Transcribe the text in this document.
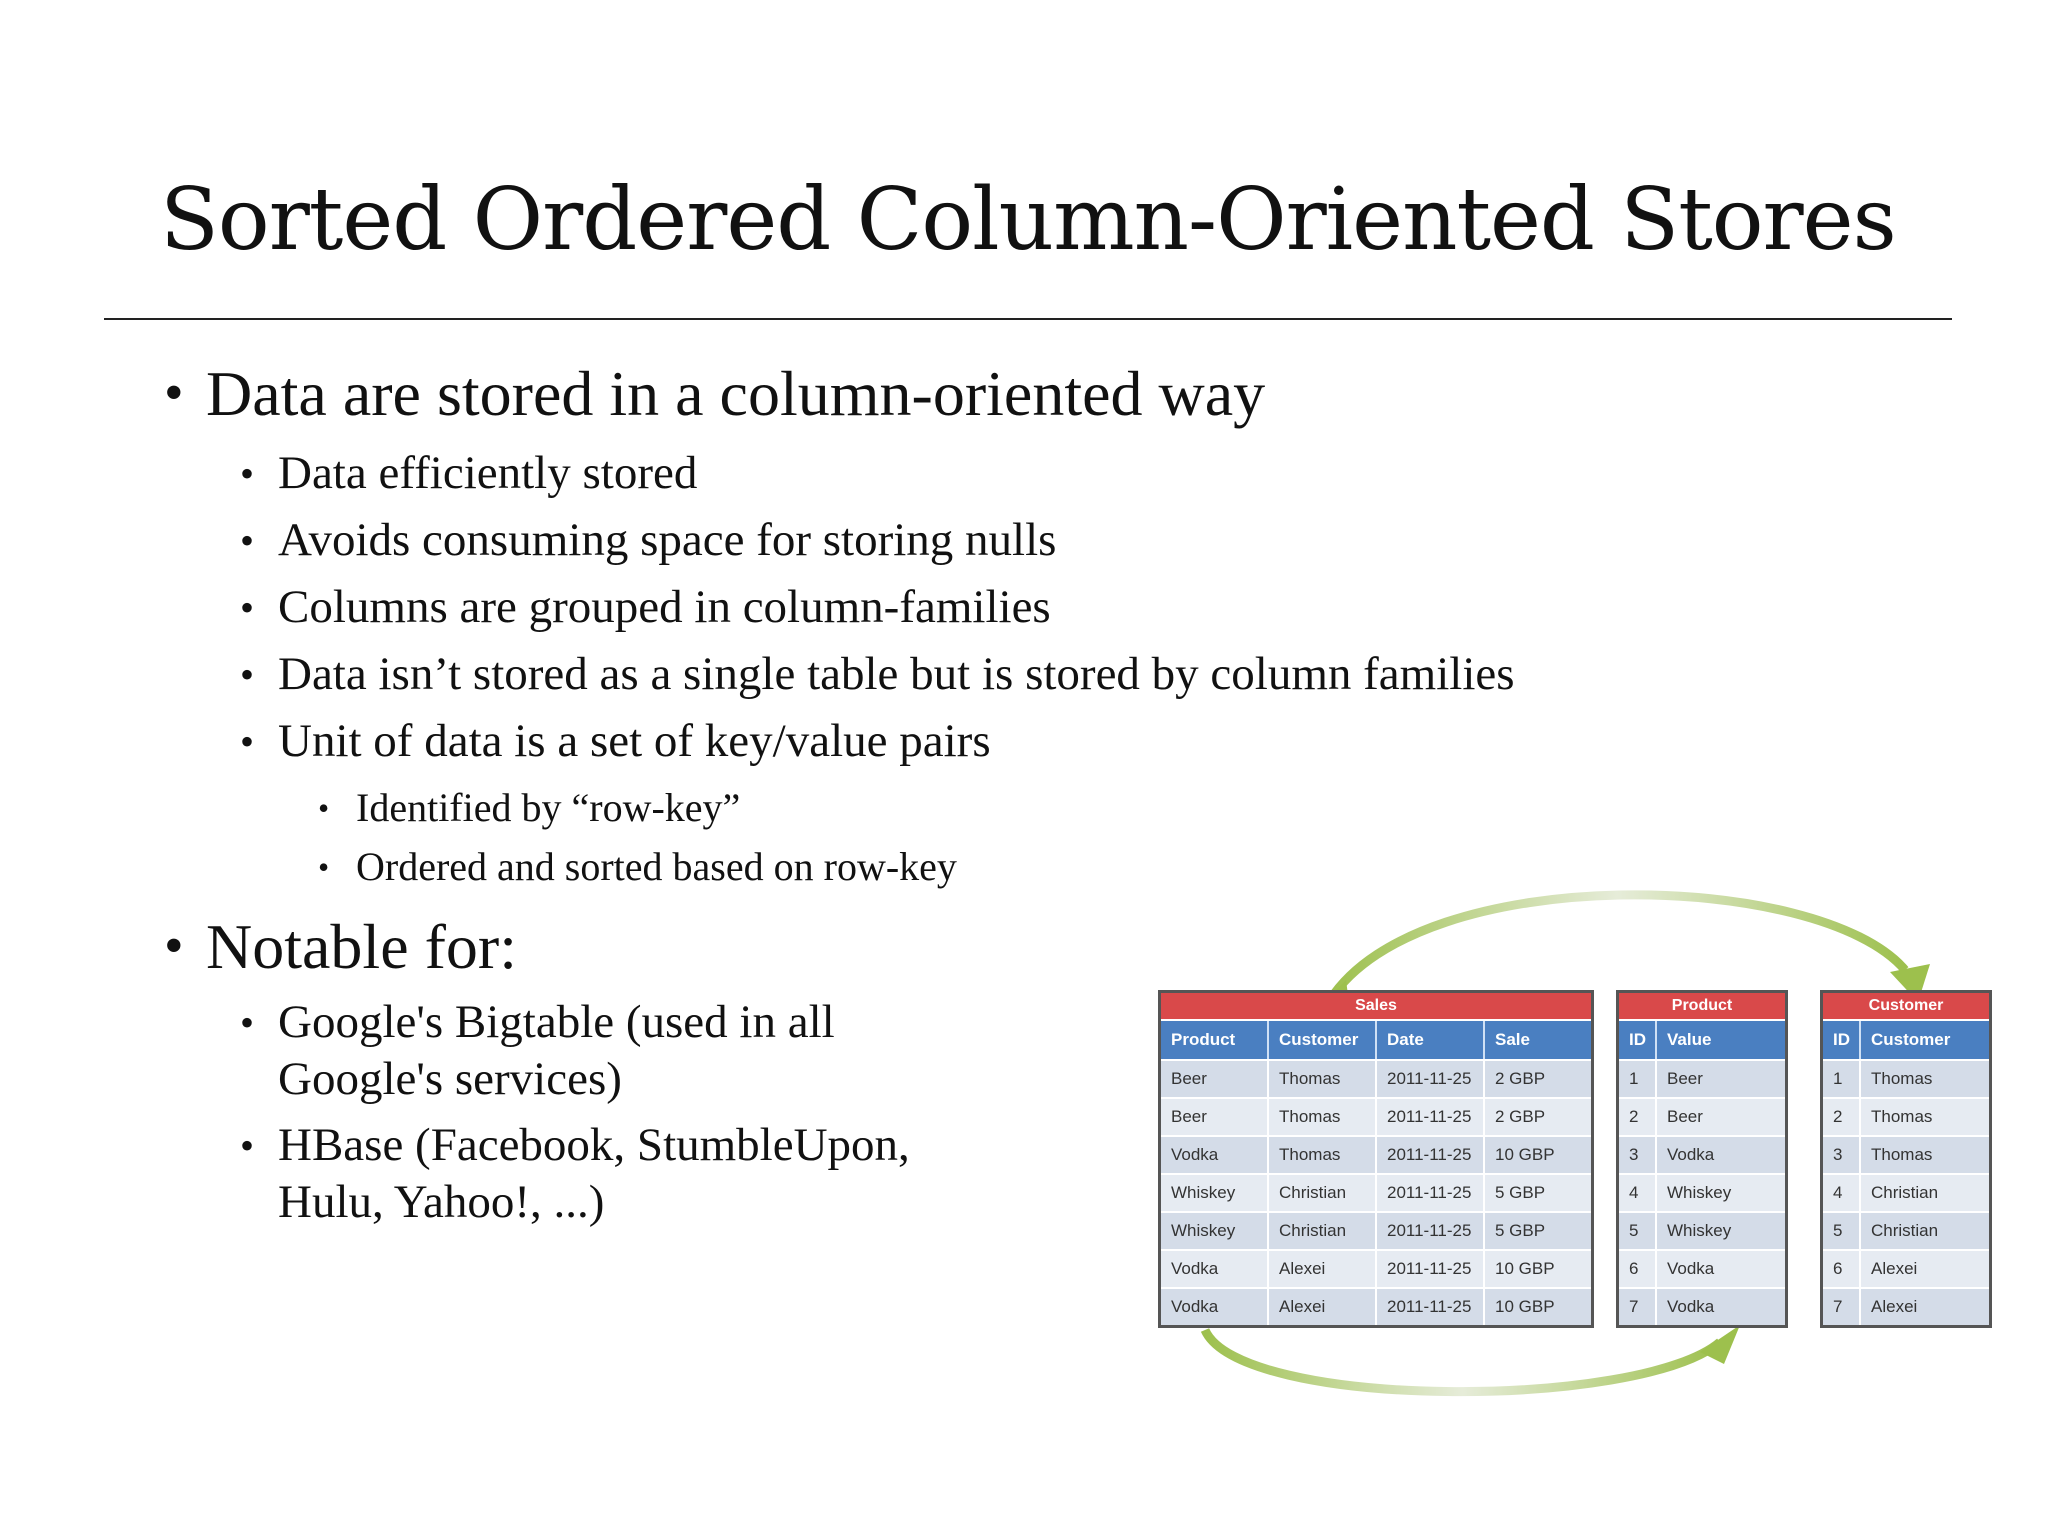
Sorted Ordered Column-Oriented Stores
• Data are stored in a column-oriented way
• Data efficiently stored
• Avoids consuming space for storing nulls
• Columns are grouped in column-families
• Data isn’t stored as a single table but is stored by column families
• Unit of data is a set of key/value pairs
• Identified by “row-key”
• Ordered and sorted based on row-key
• Notable for:
• Google's Bigtable (used in all
Google's services)
• HBase (Facebook, StumbleUpon,
Hulu, Yahoo!, ...)
Sales
Product	Customer	Date	Sale
Beer	Thomas	2011-11-25	2 GBP
Beer	Thomas	2011-11-25	2 GBP
Vodka	Thomas	2011-11-25	10 GBP
Whiskey	Christian	2011-11-25	5 GBP
Whiskey	Christian	2011-11-25	5 GBP
Vodka	Alexei	2011-11-25	10 GBP
Vodka	Alexei	2011-11-25	10 GBP
Product
ID	Value
1	Beer
2	Beer
3	Vodka
4	Whiskey
5	Whiskey
6	Vodka
7	Vodka
Customer
ID	Customer
1	Thomas
2	Thomas
3	Thomas
4	Christian
5	Christian
6	Alexei
7	Alexei
